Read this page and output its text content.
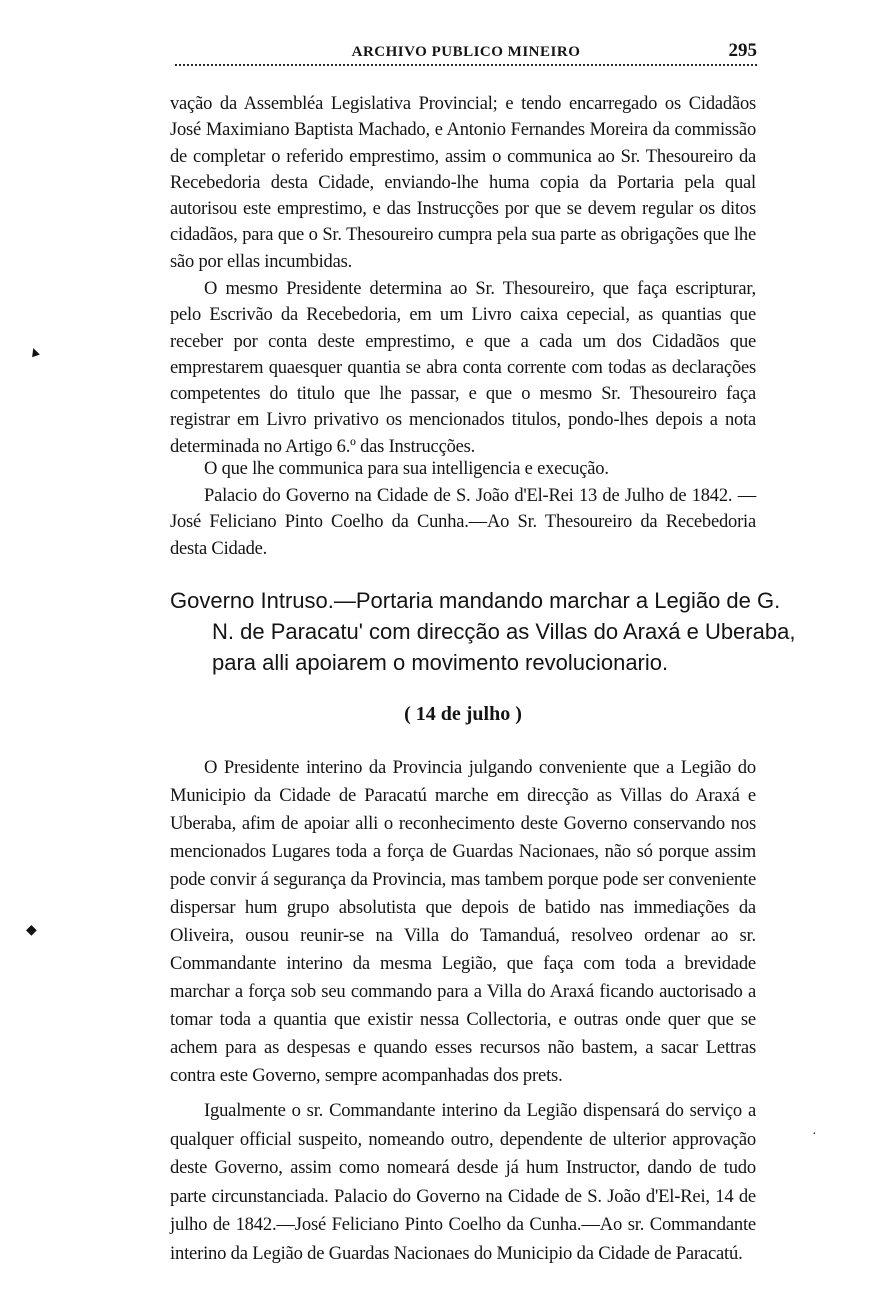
ARCHIVO PUBLICO MINEIRO	295

vação da Assembléa Legislativa Provincial; e tendo encarregado os Cidadãos José Maximiano Baptista Machado, e Antonio Fernandes Moreira da commissão de completar o referido emprestimo, assim o communica ao Sr. Thesoureiro da Recebedoria desta Cidade, enviando-lhe huma copia da Portaria pela qual autorisou este emprestimo, e das Instrucções por que se devem regular os ditos cidadãos, para que o Sr. Thesoureiro cumpra pela sua parte as obrigações que lhe são por ellas incumbidas.

O mesmo Presidente determina ao Sr. Thesoureiro, que faça escripturar, pelo Escrivão da Recebedoria, em um Livro caixa cepecial, as quantias que receber por conta deste emprestimo, e que a cada um dos Cidadãos que emprestarem quaesquer quantia se abra conta corrente com todas as declarações competentes do titulo que lhe passar, e que o mesmo Sr. Thesoureiro faça registrar em Livro privativo os mencionados titulos, pondo-lhes depois a nota determinada no Artigo 6.º das Instrucções.

O que lhe communica para sua intelligencia e execução.

Palacio do Governo na Cidade de S. João d'El-Rei 13 de Julho de 1842. —José Feliciano Pinto Coelho da Cunha.—Ao Sr. Thesoureiro da Recebedoria desta Cidade.

Governo Intruso.—Portaria mandando marchar a Legião de G. N. de Paracatu' com direcção as Villas do Araxá e Uberaba, para alli apoiarem o movimento revolucionario.

( 14 de julho )

O Presidente interino da Provincia julgando conveniente que a Legião do Municipio da Cidade de Paracatú marche em direcção as Villas do Araxá e Uberaba, afim de apoiar alli o reconhecimento deste Governo conservando nos mencionados Lugares toda a força de Guardas Nacionaes, não só porque assim pode convir á segurança da Provincia, mas tambem porque pode ser conveniente dispersar hum grupo absolutista que depois de batido nas immediações da Oliveira, ousou reunir-se na Villa do Tamanduá, resolveo ordenar ao sr. Commandante interino da mesma Legião, que faça com toda a brevidade marchar a força sob seu commando para a Villa do Araxá ficando auctorisado a tomar toda a quantia que existir nessa Collectoria, e outras onde quer que se achem para as despesas e quando esses recursos não bastem, a sacar Lettras contra este Governo, sempre acompanhadas dos prets.

Igualmente o sr. Commandante interino da Legião dispensará do serviço a qualquer official suspeito, nomeando outro, dependente de ulterior approvação deste Governo, assim como nomeará desde já hum Instructor, dando de tudo parte circunstanciada. Palacio do Governo na Cidade de S. João d'El-Rei, 14 de julho de 1842.—José Feliciano Pinto Coelho da Cunha.—Ao sr. Commandante interino da Legião de Guardas Nacionaes do Municipio da Cidade de Paracatú.

▲
◆
·
